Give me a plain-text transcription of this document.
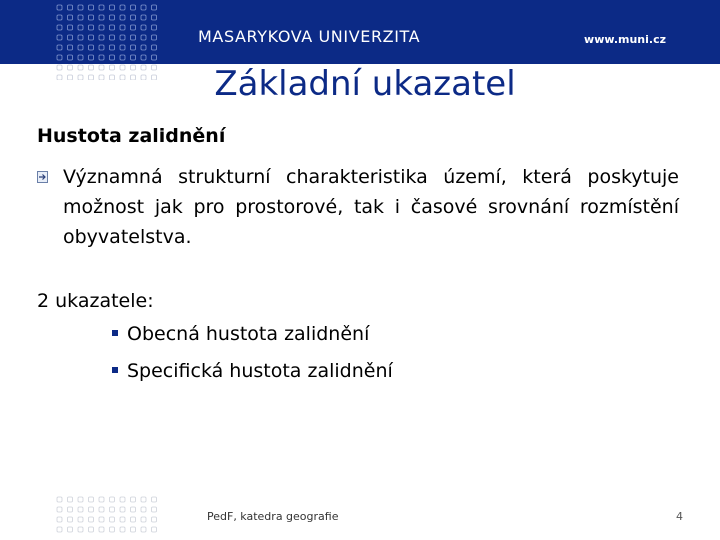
MASARYKOVA UNIVERZITA	www.muni.cz
Základní ukazatel
Hustota zalidnění
Významná strukturní charakteristika území, která poskytuje možnost jak pro prostorové, tak i časové srovnání rozmístění obyvatelstva.
2 ukazatele:
Obecná hustota zalidnění
Specifická hustota zalidnění
PedF, katedra geografie	4
